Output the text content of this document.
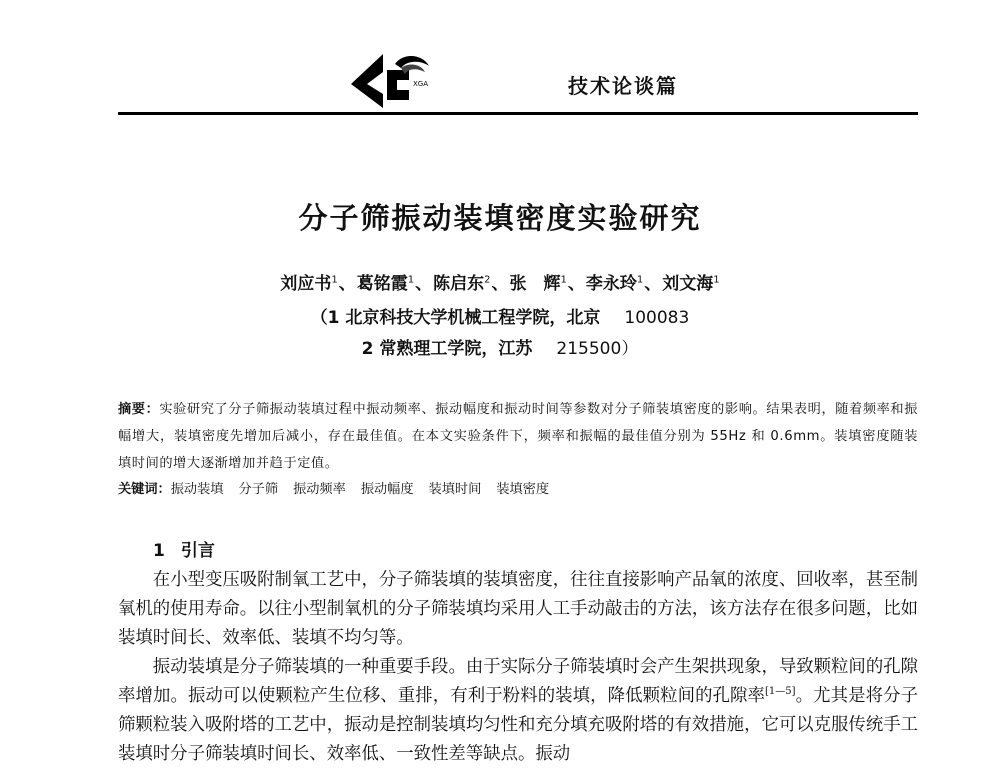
XGA	技术论谈篇
分子筛振动装填密度实验研究
刘应书$^1$、葛铭霞$^1$、陈启东$^2$、张　辉$^1$、李永玲$^1$、刘文海$^1$
（1 北京科技大学机械工程学院，北京 100083
2 常熟理工学院，江苏 215500）
摘要：实验研究了分子筛振动装填过程中振动频率、振动幅度和振动时间等参数对分子筛装填密度的影响。结果表明，随着频率和振幅增大，装填密度先增加后减小，存在最佳值。在本文实验条件下，频率和振幅的最佳值分别为 55Hz 和 0.6mm。装填密度随装填时间的增大逐渐增加并趋于定值。
关键词：振动装填 分子筛 振动频率 振动幅度 装填时间 装填密度
1 引言

在小型变压吸附制氧工艺中，分子筛装填的装填密度，往往直接影响产品氧的浓度、回收率，甚至制氧机的使用寿命。以往小型制氧机的分子筛装填均采用人工手动敲击的方法，该方法存在很多问题，比如装填时间长、效率低、装填不均匀等。

振动装填是分子筛装填的一种重要手段。由于实际分子筛装填时会产生架拱现象，导致颗粒间的孔隙率增加。振动可以使颗粒产生位移、重排，有利于粉料的装填，降低颗粒间的孔隙率[1—5]。尤其是将分子筛颗粒装入吸附塔的工艺中，振动是控制装填均匀性和充分填充吸附塔的有效措施，它可以克服传统手工装填时分子筛装填时间长、效率低、一致性差等缺点。振动
